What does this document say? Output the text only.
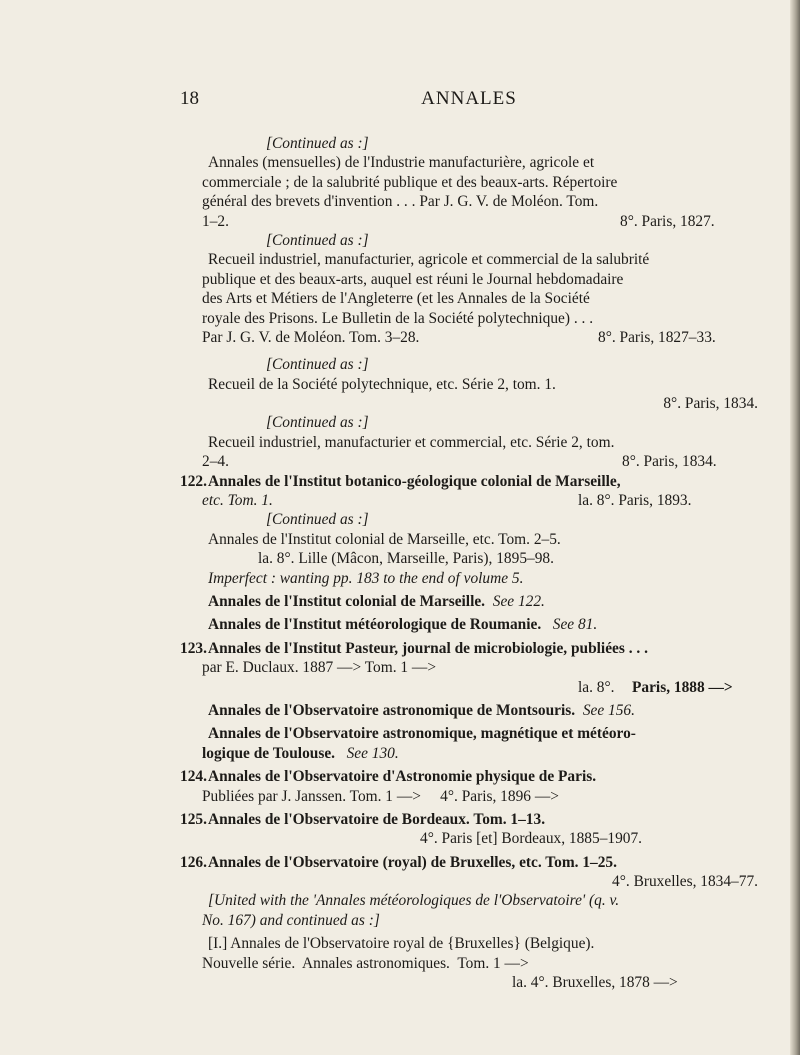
18	ANNALES
[Continued as :]
Annales (mensuelles) de l'Industrie manufacturière, agricole et
commerciale ; de la salubrité publique et des beaux-arts. Répertoire
général des brevets d'invention . . . Par J. G. V. de Moléon. Tom.
1–2.	8°. Paris, 1827.
[Continued as :]
Recueil industriel, manufacturier, agricole et commercial de la salubrité
publique et des beaux-arts, auquel est réuni le Journal hebdomadaire
des Arts et Métiers de l'Angleterre (et les Annales de la Société
royale des Prisons. Le Bulletin de la Société polytechnique) . . .
Par J. G. V. de Moléon. Tom. 3–28.	8°. Paris, 1827–33.
[Continued as :]
Recueil de la Société polytechnique, etc. Série 2, tom. 1.
8°. Paris, 1834.
[Continued as :]
Recueil industriel, manufacturier et commercial, etc. Série 2, tom.
2–4.	8°. Paris, 1834.
122.Annales de l'Institut botanico-géologique colonial de Marseille,
etc. Tom. 1.	la. 8°. Paris, 1893.
[Continued as :]
Annales de l'Institut colonial de Marseille, etc. Tom. 2–5.
la. 8°. Lille (Mâcon, Marseille, Paris), 1895–98.
Imperfect : wanting pp. 183 to the end of volume 5.
Annales de l'Institut colonial de Marseille. See 122.
Annales de l'Institut météorologique de Roumanie. See 81.
123.Annales de l'Institut Pasteur, journal de microbiologie, publiées . . .
par E. Duclaux. 1887 —> Tom. 1 —>
la. 8°. Paris, 1888 —>
Annales de l'Observatoire astronomique de Montsouris. See 156.
Annales de l'Observatoire astronomique, magnétique et météoro-
logique de Toulouse. See 130.
124.Annales de l'Observatoire d'Astronomie physique de Paris.
Publiées par J. Janssen. Tom. 1 —>     4°. Paris, 1896 —>
125.Annales de l'Observatoire de Bordeaux. Tom. 1–13.
4°. Paris [et] Bordeaux, 1885–1907.
126.Annales de l'Observatoire (royal) de Bruxelles, etc. Tom. 1–25.
4°. Bruxelles, 1834–77.
[United with the 'Annales météorologiques de l'Observatoire' (q. v.
No. 167) and continued as :]
[I.] Annales de l'Observatoire royal de {Bruxelles} (Belgique).
Nouvelle série.  Annales astronomiques.  Tom. 1 —>
la. 4°. Bruxelles, 1878 —>
